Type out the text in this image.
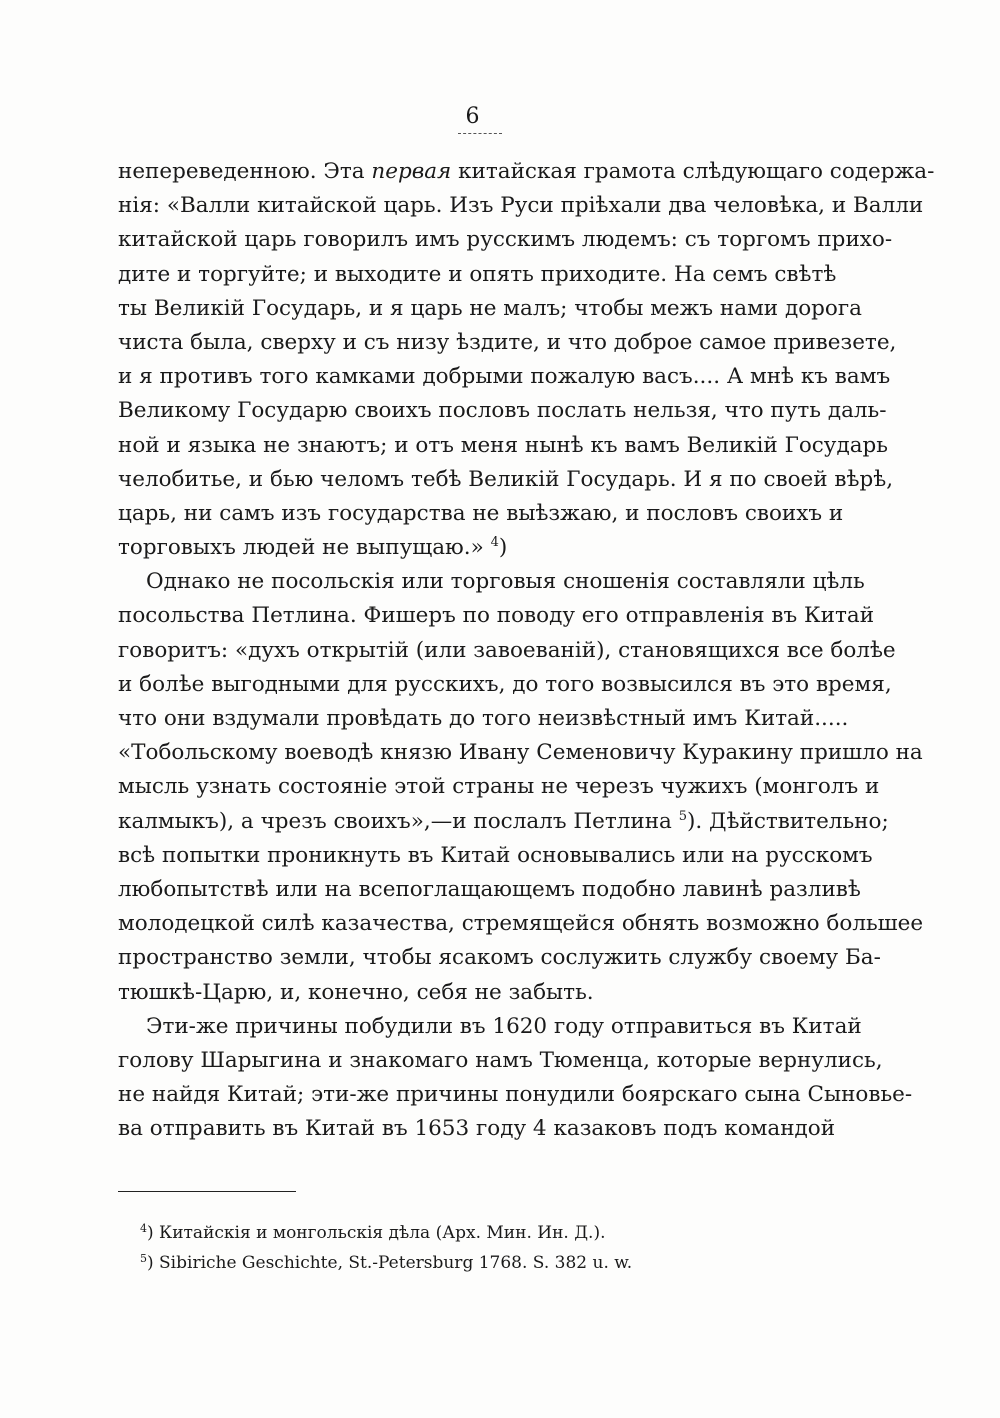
6
непереведенною. Эта первая китайская грамота слѣдующаго содержа-
нія: «Валли китайской царь. Изъ Руси пріѣхали два человѣка, и Валли
китайской царь говорилъ имъ русскимъ людемъ: съ торгомъ прихо-
дите и торгуйте; и выходите и опять приходите. На семъ свѣтѣ
ты Великій Государь, и я царь не малъ; чтобы межъ нами дорога
чиста была, сверху и съ низу ѣздите, и что доброе самое привезете,
и я противъ того камками добрыми пожалую васъ.... А мнѣ къ вамъ
Великому Государю своихъ пословъ послать нельзя, что путь даль-
ной и языка не знаютъ; и отъ меня нынѣ къ вамъ Великій Государь
челобитье, и бью челомъ тебѣ Великій Государь. И я по своей вѣрѣ,
царь, ни самъ изъ государства не выѣзжаю, и пословъ своихъ и
торговыхъ людей не выпущаю.» $^4$)
Однако не посольскія или торговыя сношенія составляли цѣль
посольства Петлина. Фишеръ по поводу его отправленія въ Китай
говоритъ: «духъ открытій (или завоеваній), становящихся все болѣе
и болѣе выгодными для русскихъ, до того возвысился въ это время,
что они вздумали провѣдать до того неизвѣстный имъ Китай.....
«Тобольскому воеводѣ князю Ивану Семеновичу Куракину пришло на
мысль узнать состояніе этой страны не черезъ чужихъ (монголъ и
калмыкъ), а чрезъ своихъ»,—и послалъ Петлина $^5$). Дѣйствительно;
всѣ попытки проникнуть въ Китай основывались или на русскомъ
любопытствѣ или на всепоглащающемъ подобно лавинѣ разливѣ
молодецкой силѣ казачества, стремящейся обнять возможно большее
пространство земли, чтобы ясакомъ сослужить службу своему Ба-
тюшкѣ-Царю, и, конечно, себя не забыть.
Эти-же причины побудили въ 1620 году отправиться въ Китай
голову Шарыгина и знакомаго намъ Тюменца, которые вернулись,
не найдя Китай; эти-же причины понудили боярскаго сына Сыновье-
ва отправить въ Китай въ 1653 году 4 казаковъ подъ командой
$^4$) Китайскія и монгольскія дѣла (Арх. Мин. Ин. Д.).
$^5$) Sibiriche Geschichte, St.-Petersburg 1768. S. 382 u. w.
